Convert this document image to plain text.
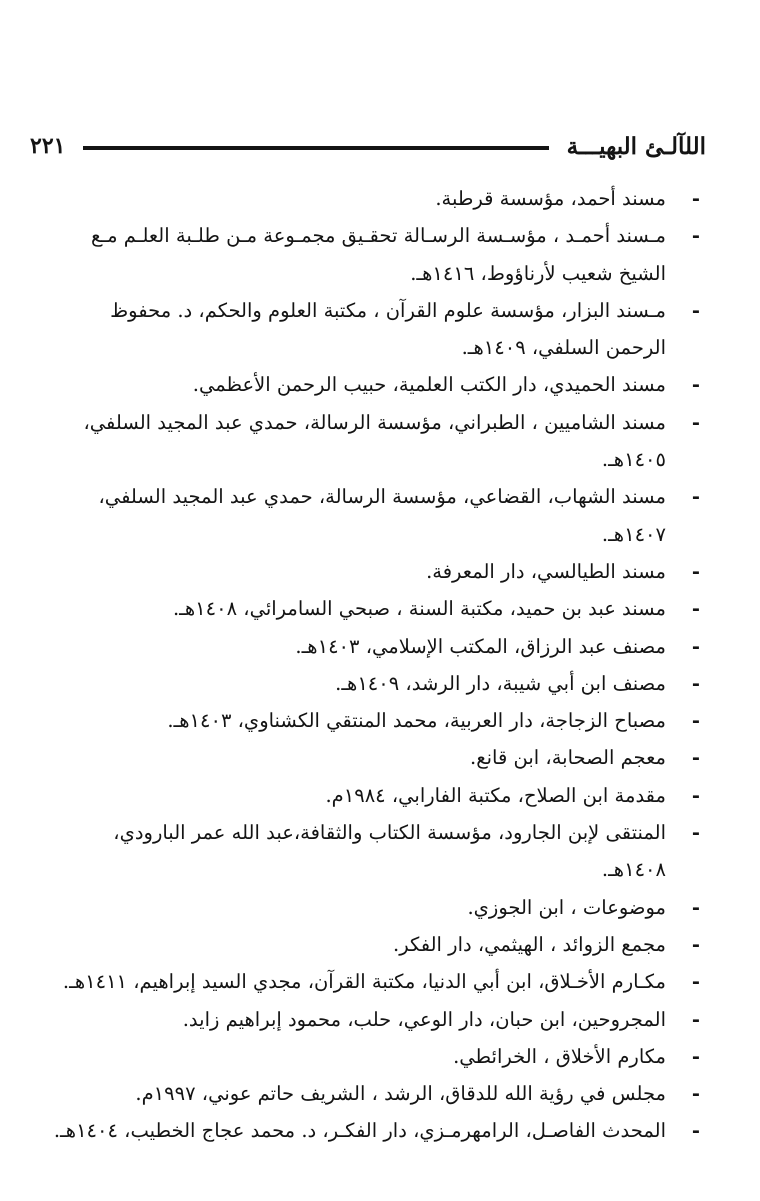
اللآلـئ البهيـــة
٢٢١
- مسند أحمد، مؤسسة قرطبة.
- مـسند أحمـد ، مؤسـسة الرسـالة تحقـيق مجمـوعة مـن طلـبة العلـم مـع الشيخ شعيب لأرناؤوط، ١٤١٦هـ.
- مـسند البزار، مؤسسة علوم القرآن ، مكتبة العلوم والحكم، د. محفوظ الرحمن السلفي، ١٤٠٩هـ.
- مسند الحميدي، دار الكتب العلمية، حبيب الرحمن الأعظمي.
- مسند الشاميين ، الطبراني، مؤسسة الرسالة، حمدي عبد المجيد السلفي، ١٤٠٥هـ.
- مسند الشهاب، القضاعي، مؤسسة الرسالة، حمدي عبد المجيد السلفي، ١٤٠٧هـ.
- مسند الطيالسي، دار المعرفة.
- مسند عبد بن حميد، مكتبة السنة ، صبحي السامرائي، ١٤٠٨هـ.
- مصنف عبد الرزاق، المكتب الإسلامي، ١٤٠٣هـ.
- مصنف ابن أبي شيبة، دار الرشد، ١٤٠٩هـ.
- مصباح الزجاجة، دار العربية، محمد المنتقي الكشناوي، ١٤٠٣هـ.
- معجم الصحابة، ابن قانع.
- مقدمة ابن الصلاح، مكتبة الفارابي، ١٩٨٤م.
- المنتقى لإبن الجارود، مؤسسة الكتاب والثقافة،عبد الله عمر البارودي، ١٤٠٨هـ.
- موضوعات ، ابن الجوزي.
- مجمع الزوائد ، الهيثمي، دار الفكر.
- مكـارم الأخـلاق، ابن أبي الدنيا، مكتبة القرآن، مجدي السيد إبراهيم، ١٤١١هـ.
- المجروحين، ابن حبان، دار الوعي، حلب، محمود إبراهيم زايد.
- مكارم الأخلاق ، الخرائطي.
- مجلس في رؤية الله للدقاق، الرشد ، الشريف حاتم عوني، ١٩٩٧م.
- المحدث الفاصـل، الرامهرمـزي، دار الفكـر، د. محمد عجاج الخطيب، ١٤٠٤هـ.
